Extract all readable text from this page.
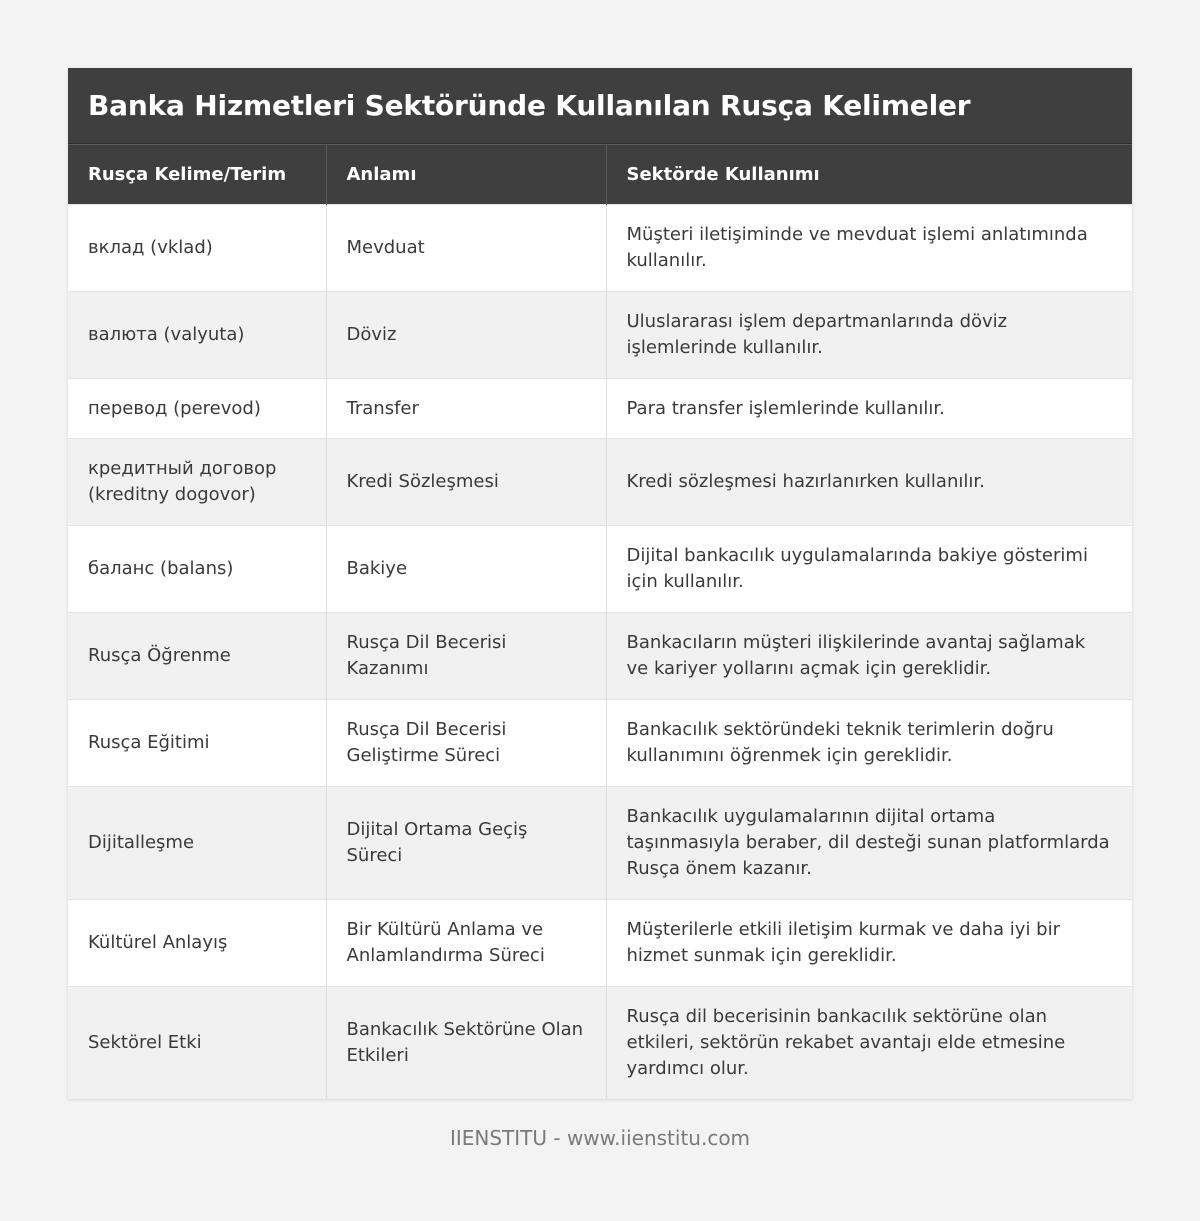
Banka Hizmetleri Sektöründe Kullanılan Rusça Kelimeler
Rusça Kelime/Terim	Anlamı	Sektörde Kullanımı
вклад (vklad)	Mevduat	Müşteri iletişiminde ve mevduat işlemi anlatımında kullanılır.
валюта (valyuta)	Döviz	Uluslararası işlem departmanlarında döviz işlemlerinde kullanılır.
перевод (perevod)	Transfer	Para transfer işlemlerinde kullanılır.
кредитный договор (kreditny dogovor)	Kredi Sözleşmesi	Kredi sözleşmesi hazırlanırken kullanılır.
баланс (balans)	Bakiye	Dijital bankacılık uygulamalarında bakiye gösterimi için kullanılır.
Rusça Öğrenme	Rusça Dil Becerisi Kazanımı	Bankacıların müşteri ilişkilerinde avantaj sağlamak ve kariyer yollarını açmak için gereklidir.
Rusça Eğitimi	Rusça Dil Becerisi Geliştirme Süreci	Bankacılık sektöründeki teknik terimlerin doğru kullanımını öğrenmek için gereklidir.
Dijitalleşme	Dijital Ortama Geçiş Süreci	Bankacılık uygulamalarının dijital ortama taşınmasıyla beraber, dil desteği sunan platformlarda Rusça önem kazanır.
Kültürel Anlayış	Bir Kültürü Anlama ve Anlamlandırma Süreci	Müşterilerle etkili iletişim kurmak ve daha iyi bir hizmet sunmak için gereklidir.
Sektörel Etki	Bankacılık Sektörüne Olan Etkileri	Rusça dil becerisinin bankacılık sektörüne olan etkileri, sektörün rekabet avantajı elde etmesine yardımcı olur.
IIENSTITU - www.iienstitu.com
